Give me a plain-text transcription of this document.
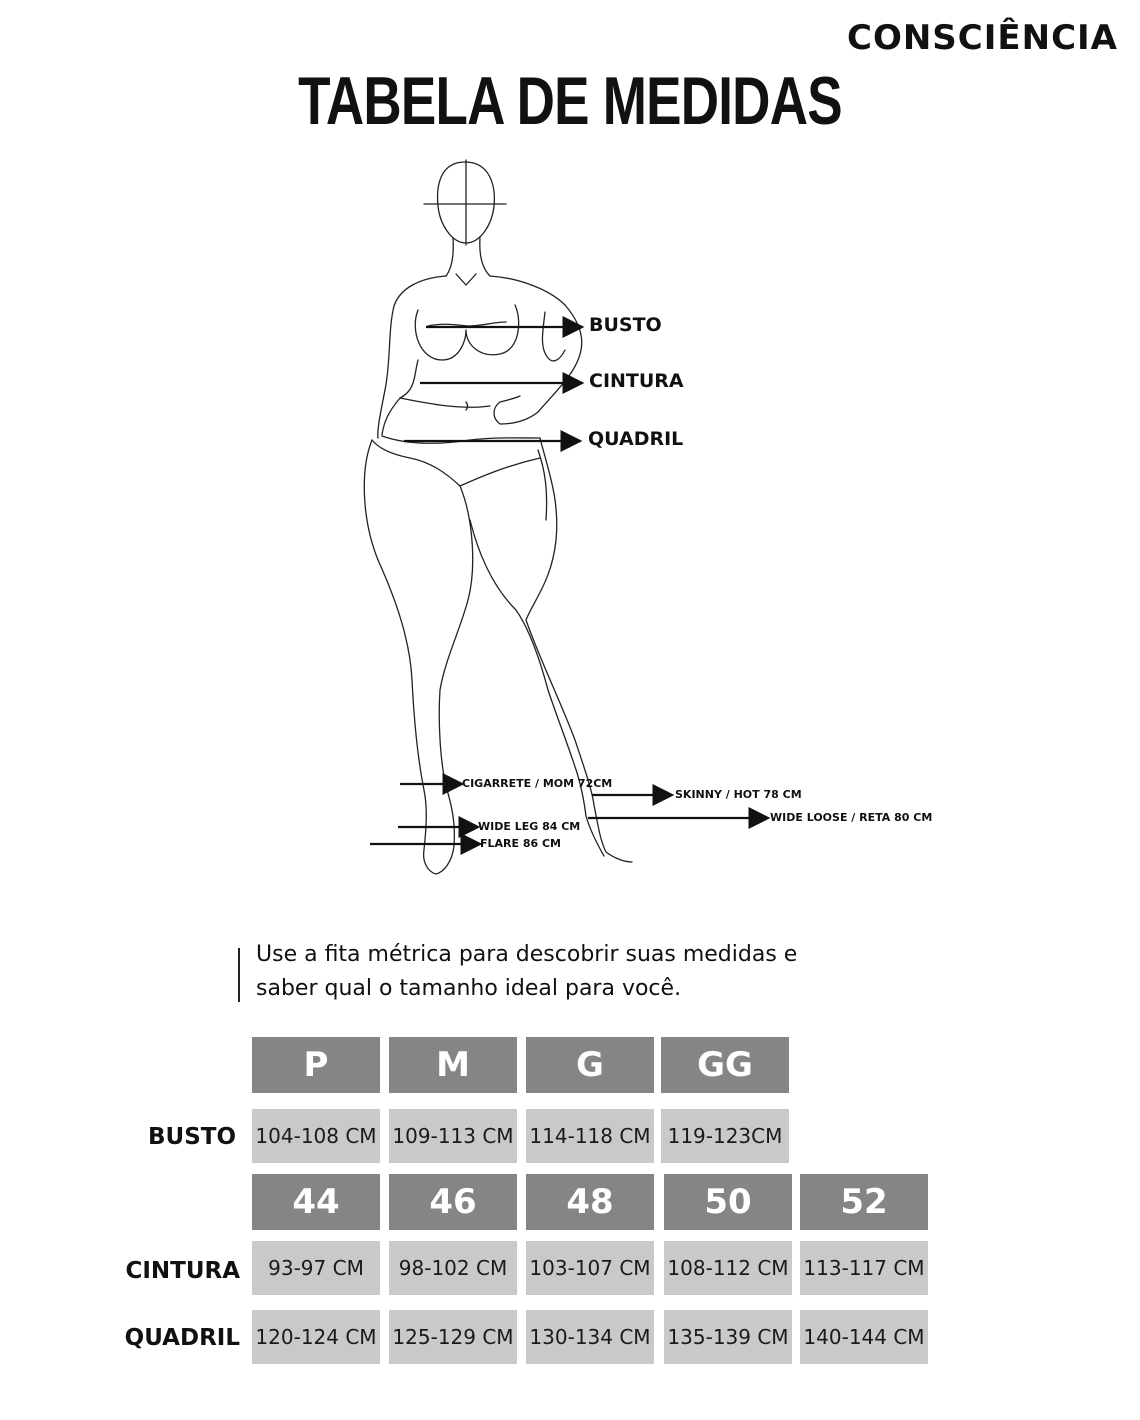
CONSCIÊNCIA
TABELA DE MEDIDAS
BUSTO
CINTURA
QUADRIL
CIGARRETE / MOM 72CM
SKINNY / HOT 78 CM
WIDE LOOSE / RETA 80 CM
WIDE LEG 84 CM
FLARE 86 CM
Use a fita métrica para descobrir suas medidas e
saber qual o tamanho ideal para você.
P	M	G	GG
BUSTO 104-108 CM 109-113 CM 114-118 CM 119-123CM
44	46	48	50	52
CINTURA	93-97 CM	98-102 CM	103-107 CM 108-112 CM 113-117 CM
QUADRIL 120-124 CM 125-129 CM 130-134 CM 135-139 CM 140-144 CM
